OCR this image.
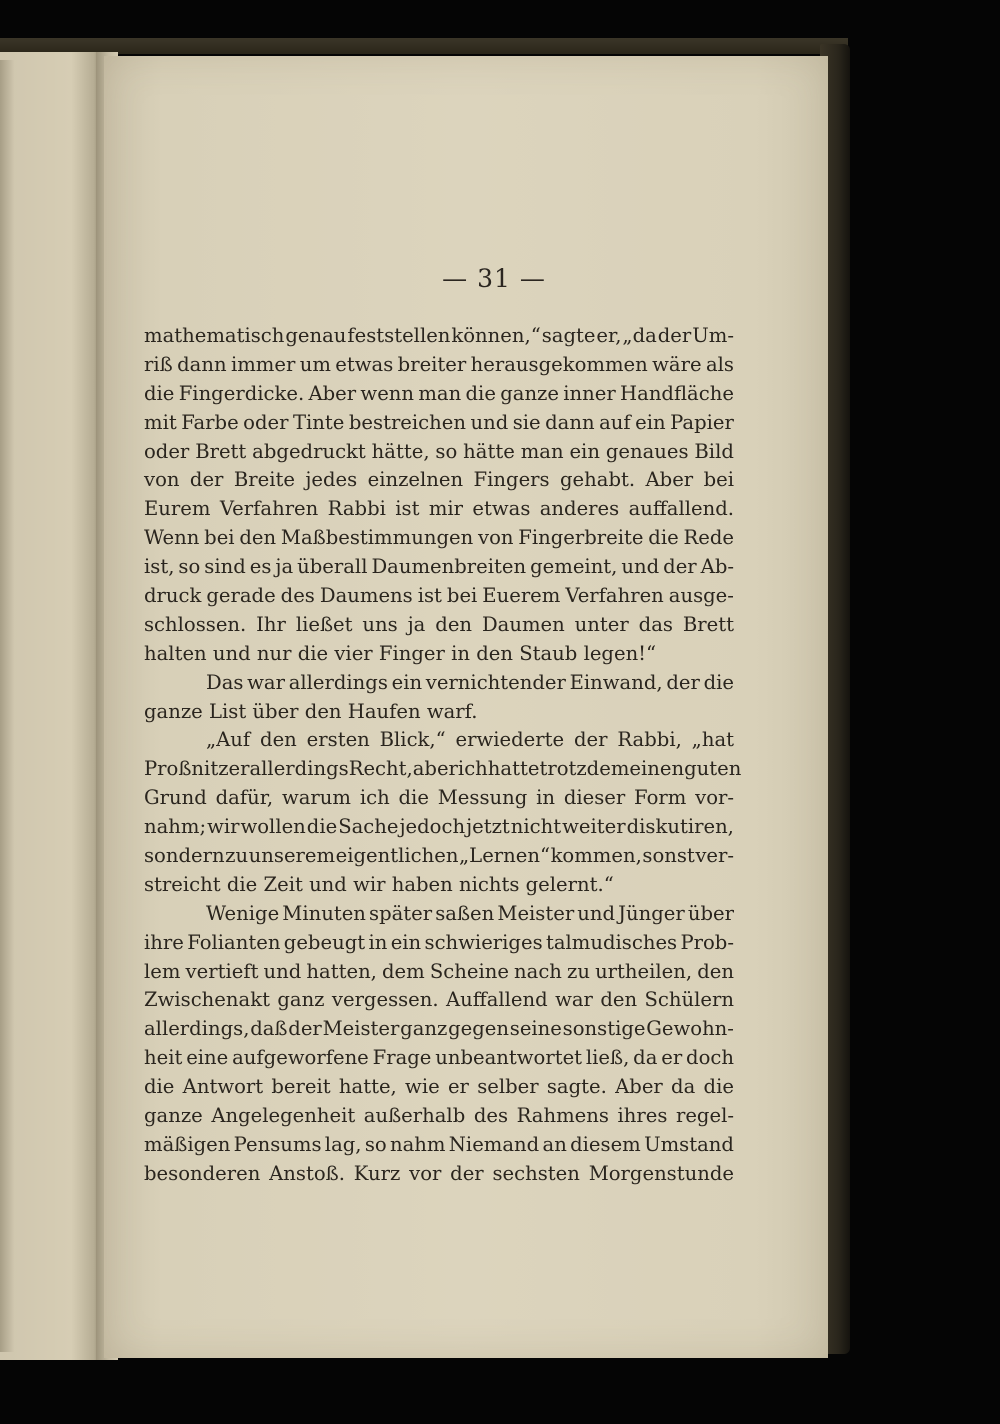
— 31 —
mathematisch genau feststellen können,“ sagte er, „da der Um-
riß dann immer um etwas breiter herausgekommen wäre als
die Fingerdicke. Aber wenn man die ganze inner Handfläche
mit Farbe oder Tinte bestreichen und sie dann auf ein Papier
oder Brett abgedruckt hätte, so hätte man ein genaues Bild
von der Breite jedes einzelnen Fingers gehabt. Aber bei
Eurem Verfahren Rabbi ist mir etwas anderes auffallend.
Wenn bei den Maßbestimmungen von Fingerbreite die Rede
ist, so sind es ja überall Daumenbreiten gemeint, und der Ab-
druck gerade des Daumens ist bei Euerem Verfahren ausge-
schlossen. Ihr ließet uns ja den Daumen unter das Brett
halten und nur die vier Finger in den Staub legen!“
Das war allerdings ein vernichtender Einwand, der die
ganze List über den Haufen warf.
„Auf den ersten Blick,“ erwiederte der Rabbi, „hat
Proßnitzer allerdings Recht, aber ich hatte trotzdem einen guten
Grund dafür, warum ich die Messung in dieser Form vor-
nahm; wir wollen die Sache jedoch jetzt nicht weiter diskutiren,
sondern zu unserem eigentlichen „Lernen“ kommen, sonst ver-
streicht die Zeit und wir haben nichts gelernt.“
Wenige Minuten später saßen Meister und Jünger über
ihre Folianten gebeugt in ein schwieriges talmudisches Prob-
lem vertieft und hatten, dem Scheine nach zu urtheilen, den
Zwischenakt ganz vergessen. Auffallend war den Schülern
allerdings, daß der Meister ganz gegen seine sonstige Gewohn-
heit eine aufgeworfene Frage unbeantwortet ließ, da er doch
die Antwort bereit hatte, wie er selber sagte. Aber da die
ganze Angelegenheit außerhalb des Rahmens ihres regel-
mäßigen Pensums lag, so nahm Niemand an diesem Umstand
besonderen Anstoß. Kurz vor der sechsten Morgenstunde
